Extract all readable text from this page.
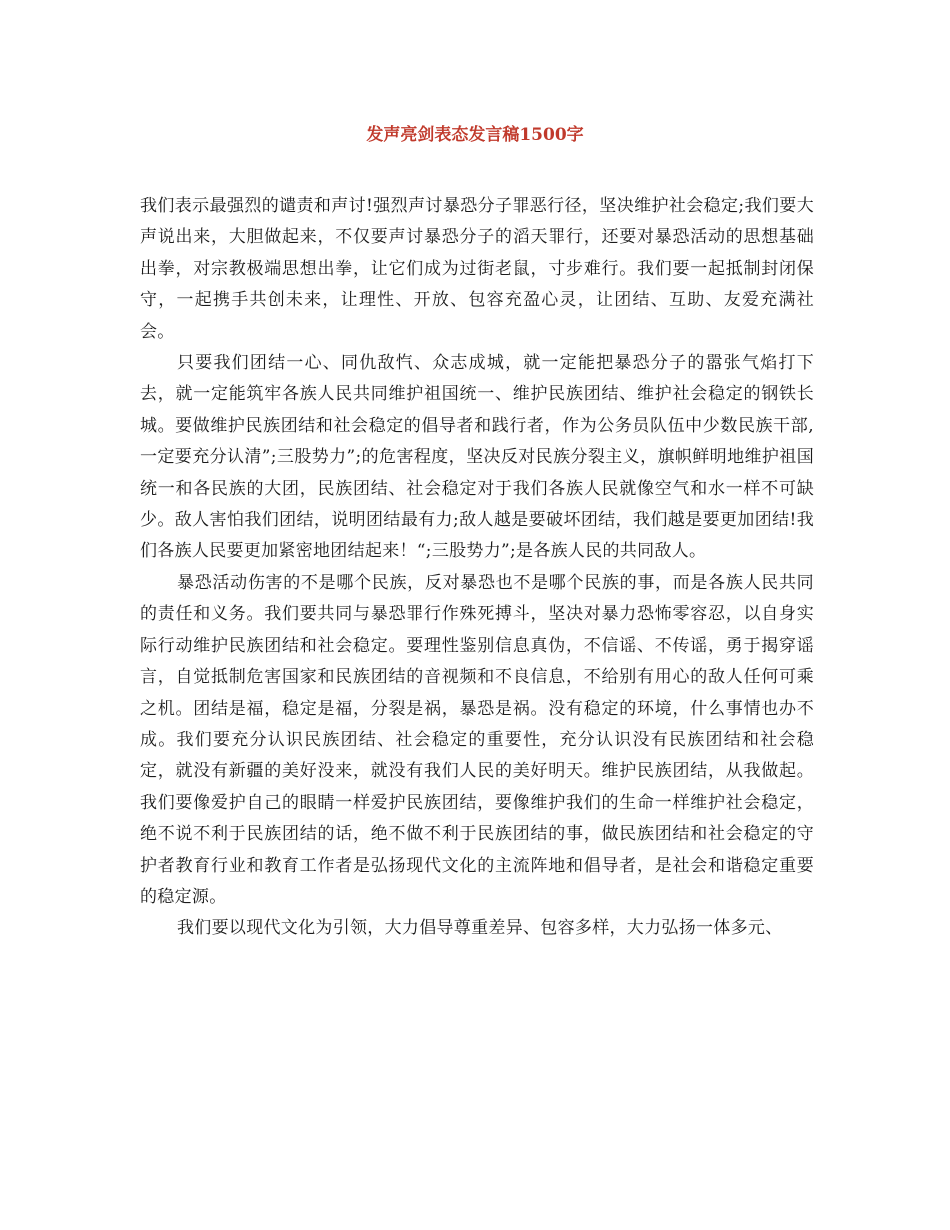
发声亮剑表态发言稿1500字

我们表示最强烈的谴责和声讨!强烈声讨暴恐分子罪恶行径，坚决维护社会稳定;我们要大声说出来，大胆做起来，不仅要声讨暴恐分子的滔天罪行，还要对暴恐活动的思想基础出拳，对宗教极端思想出拳，让它们成为过街老鼠，寸步难行。我们要一起抵制封闭保守，一起携手共创未来，让理性、开放、包容充盈心灵，让团结、互助、友爱充满社会。

只要我们团结一心、同仇敌忾、众志成城，就一定能把暴恐分子的嚣张气焰打下去，就一定能筑牢各族人民共同维护祖国统一、维护民族团结、维护社会稳定的钢铁长城。要做维护民族团结和社会稳定的倡导者和践行者，作为公务员队伍中少数民族干部,一定要充分认清”;三股势力”;的危害程度，坚决反对民族分裂主义，旗帜鲜明地维护祖国统一和各民族的大团，民族团结、社会稳定对于我们各族人民就像空气和水一样不可缺少。敌人害怕我们团结，说明团结最有力;敌人越是要破坏团结，我们越是要更加团结!我们各族人民要更加紧密地团结起来！“;三股势力”;是各族人民的共同敌人。

暴恐活动伤害的不是哪个民族，反对暴恐也不是哪个民族的事，而是各族人民共同的责任和义务。我们要共同与暴恐罪行作殊死搏斗，坚决对暴力恐怖零容忍，以自身实际行动维护民族团结和社会稳定。要理性鉴别信息真伪，不信谣、不传谣，勇于揭穿谣言，自觉抵制危害国家和民族团结的音视频和不良信息，不给别有用心的敌人任何可乘之机。团结是福，稳定是福，分裂是祸，暴恐是祸。没有稳定的环境，什么事情也办不成。我们要充分认识民族团结、社会稳定的重要性，充分认识没有民族团结和社会稳定，就没有新疆的美好没来，就没有我们人民的美好明天。维护民族团结，从我做起。我们要像爱护自己的眼睛一样爱护民族团结，要像维护我们的生命一样维护社会稳定，绝不说不利于民族团结的话，绝不做不利于民族团结的事，做民族团结和社会稳定的守护者教育行业和教育工作者是弘扬现代文化的主流阵地和倡导者，是社会和谐稳定重要的稳定源。

我们要以现代文化为引领，大力倡导尊重差异、包容多样，大力弘扬一体多元、
